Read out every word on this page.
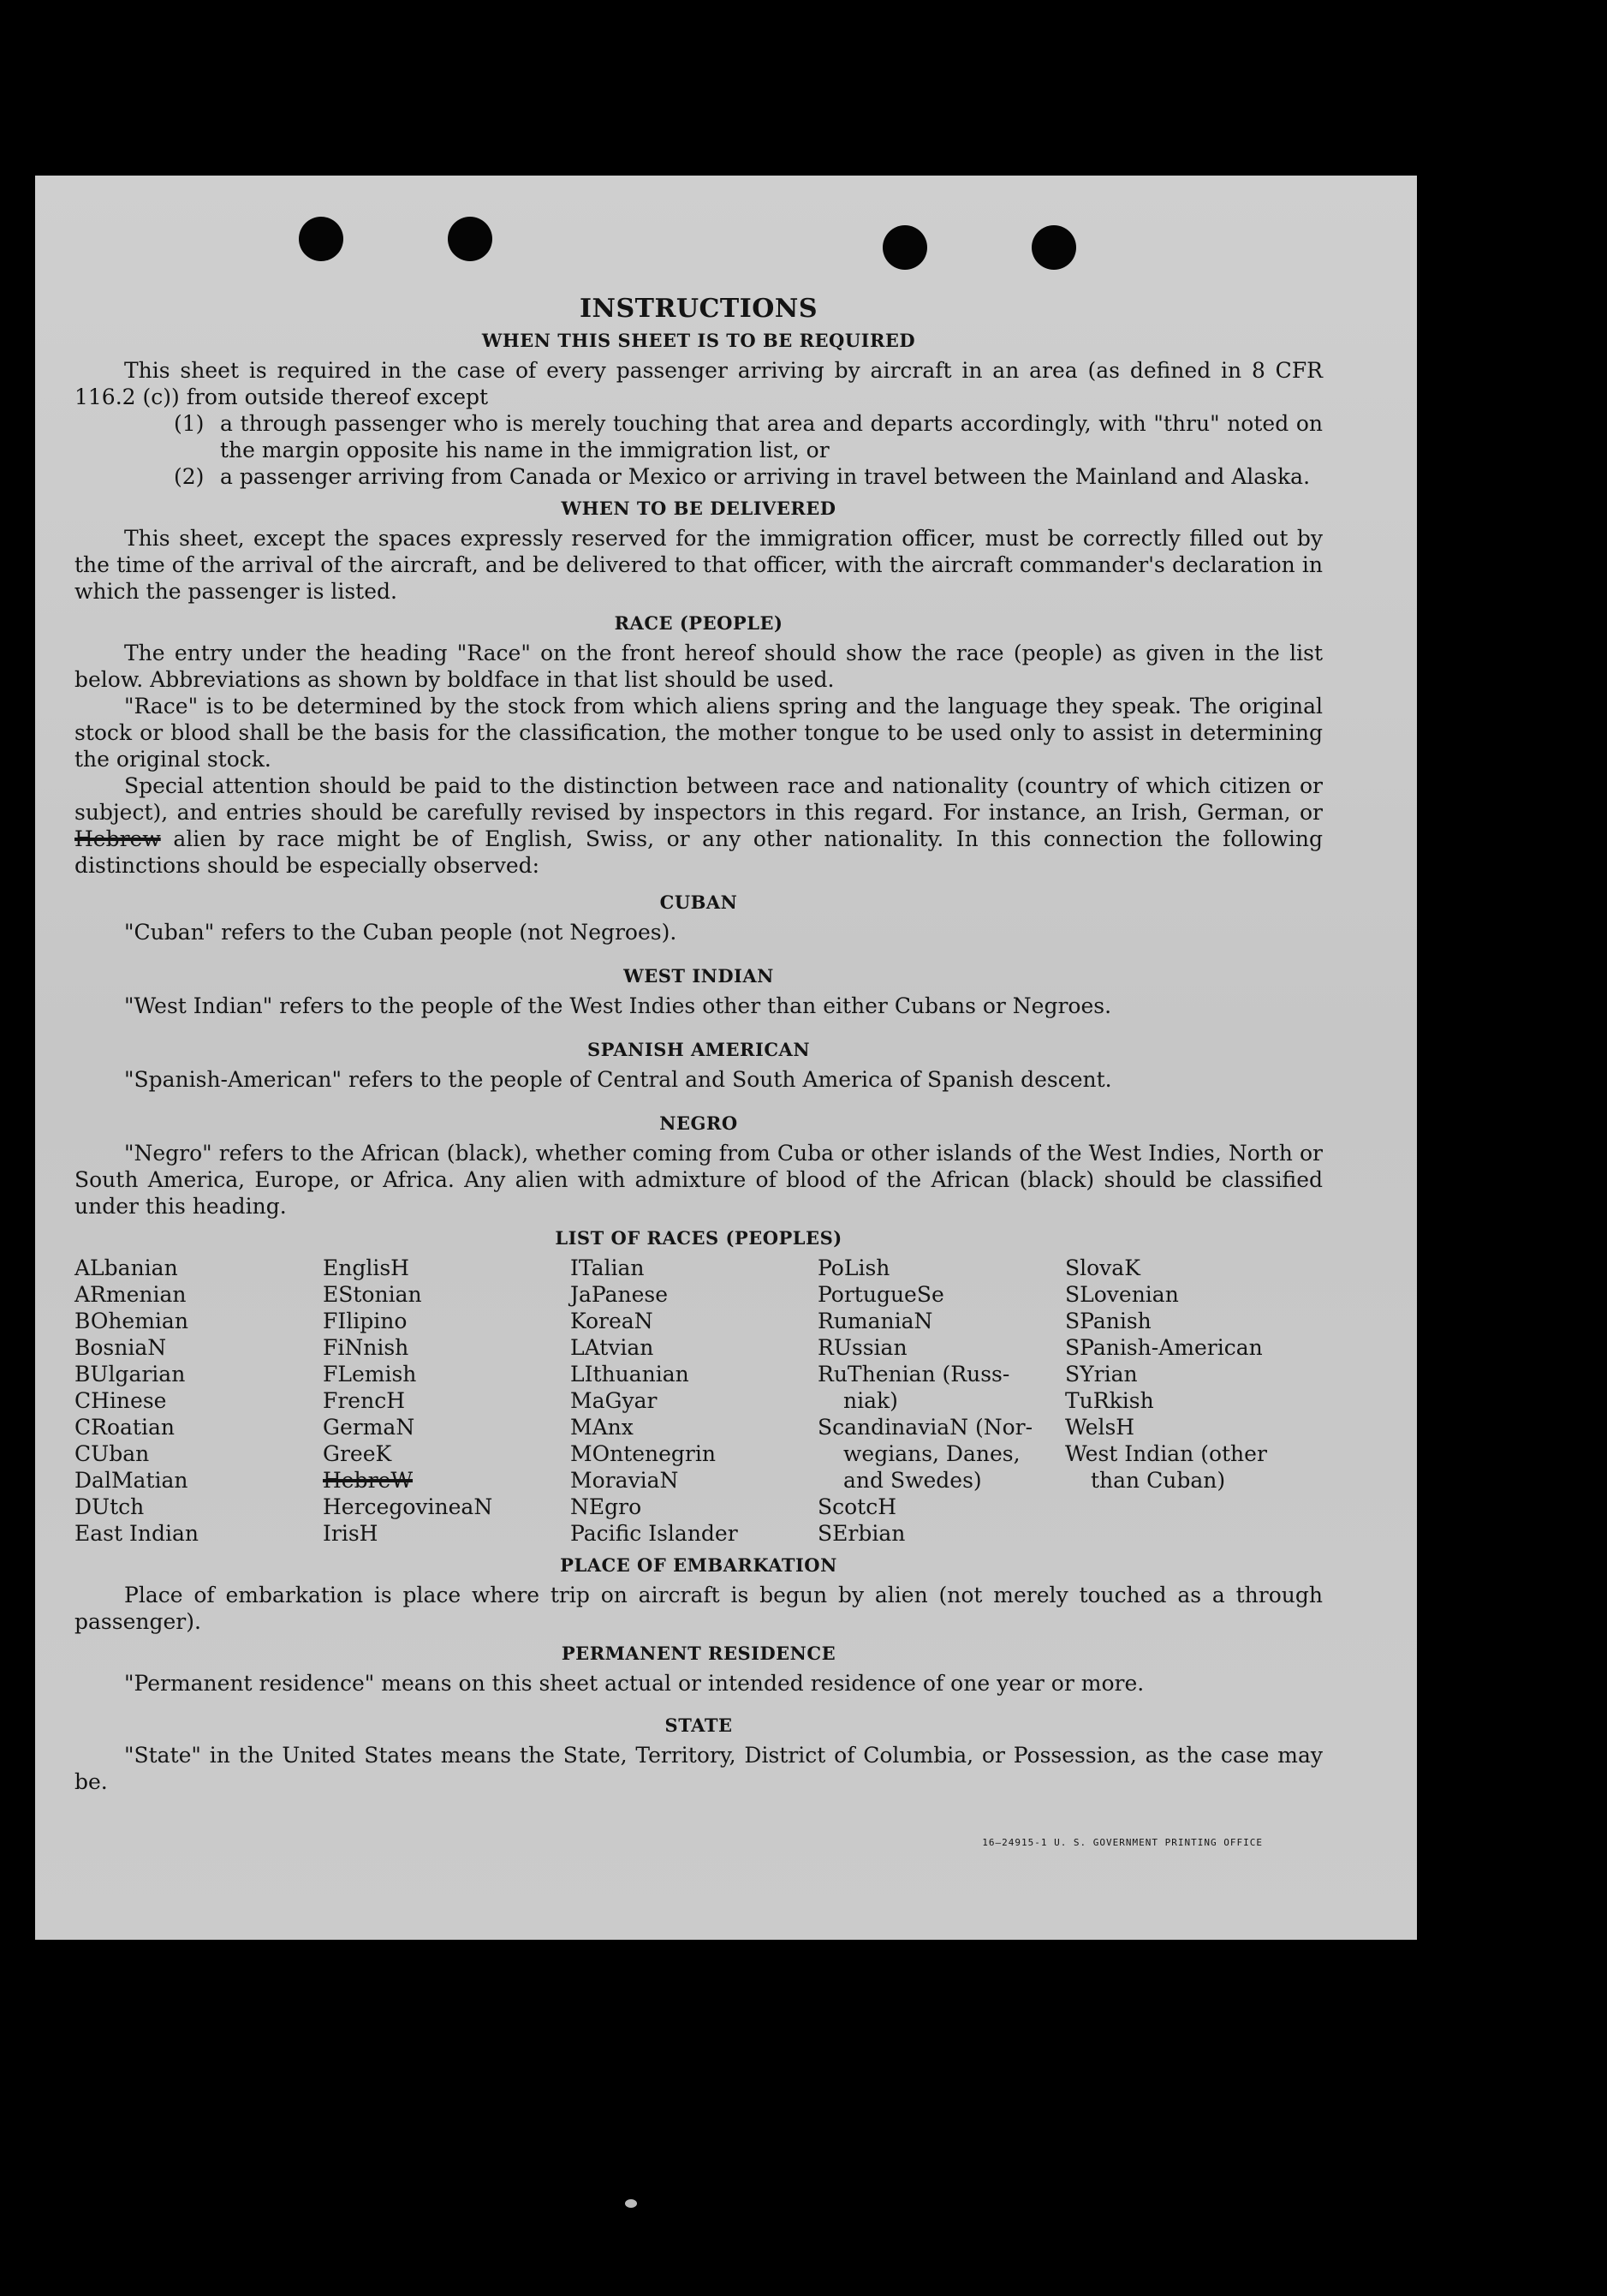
INSTRUCTIONS
WHEN THIS SHEET IS TO BE REQUIRED

This sheet is required in the case of every passenger arriving by aircraft in an area (as defined in 8 CFR 116.2 (c)) from outside thereof except

(1) a through passenger who is merely touching that area and departs accordingly, with "thru" noted on the margin opposite his name in the immigration list, or
(2) a passenger arriving from Canada or Mexico or arriving in travel between the Mainland and Alaska.
WHEN TO BE DELIVERED

This sheet, except the spaces expressly reserved for the immigration officer, must be correctly filled out by the time of the arrival of the aircraft, and be delivered to that officer, with the aircraft commander's declaration in which the passenger is listed.

RACE (PEOPLE)

The entry under the heading "Race" on the front hereof should show the race (people) as given in the list below. Abbreviations as shown by boldface in that list should be used.

"Race" is to be determined by the stock from which aliens spring and the language they speak. The original stock or blood shall be the basis for the classification, the mother tongue to be used only to assist in determining the original stock.

Special attention should be paid to the distinction between race and nationality (country of which citizen or subject), and entries should be carefully revised by inspectors in this regard. For instance, an Irish, German, or Hebrew alien by race might be of English, Swiss, or any other nationality. In this connection the following distinctions should be especially observed:

CUBAN

"Cuban" refers to the Cuban people (not Negroes).

WEST INDIAN

"West Indian" refers to the people of the West Indies other than either Cubans or Negroes.

SPANISH AMERICAN

"Spanish-American" refers to the people of Central and South America of Spanish descent.

NEGRO

"Negro" refers to the African (black), whether coming from Cuba or other islands of the West Indies, North or South America, Europe, or Africa. Any alien with admixture of blood of the African (black) should be classified under this heading.

LIST OF RACES (PEOPLES)
ALbanian
ARmenian
BOhemian
BosniaN
BUlgarian
CHinese
CRoatian
CUban
DalMatian
DUtch
East Indian
EnglisH
EStonian
FIlipino
FiNnish
FLemish
FrencH
GermaN
GreeK
HebreW
HercegovineaN
IrisH
ITalian
JaPanese
KoreaN
LAtvian
LIthuanian
MaGyar
MAnx
MOntenegrin
MoraviaN
NEgro
Pacific Islander
PoLish
PortugueSe
RumaniaN
RUssian
RuThenian (Russ-
niak)
ScandinaviaN (Nor-
wegians, Danes,
and Swedes)
ScotcH
SErbian
SlovaK
SLovenian
SPanish
SPanish-American
SYrian
TuRkish
WelsH
West Indian (other
than Cuban)
PLACE OF EMBARKATION

Place of embarkation is place where trip on aircraft is begun by alien (not merely touched as a through passenger).

PERMANENT RESIDENCE

"Permanent residence" means on this sheet actual or intended residence of one year or more.

STATE

"State" in the United States means the State, Territory, District of Columbia, or Possession, as the case may be.

16—24915-1 U. S. GOVERNMENT PRINTING OFFICE
